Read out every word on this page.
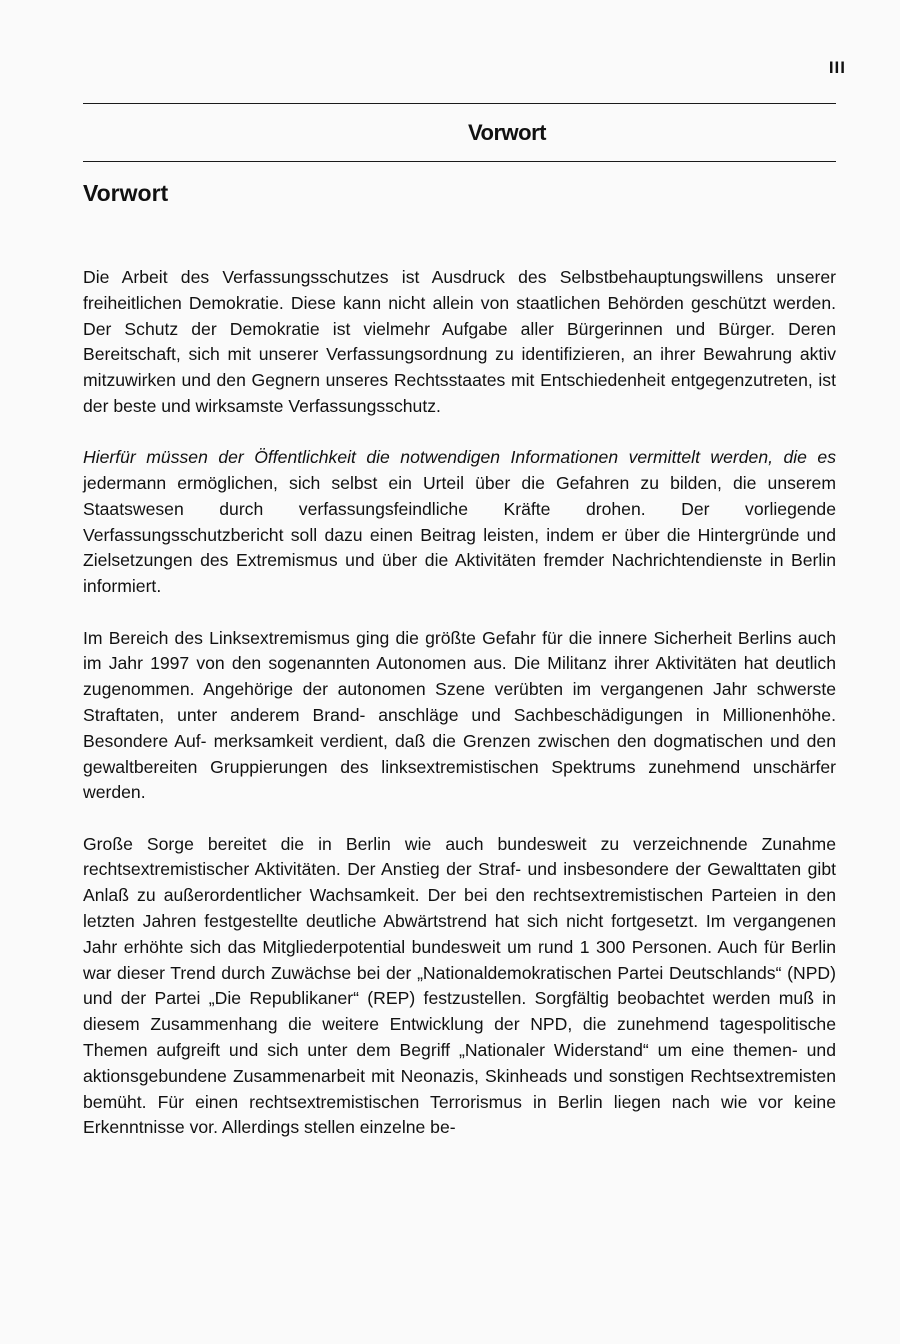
III
Vorwort
Vorwort

Die Arbeit des Verfassungsschutzes ist Ausdruck des Selbstbehauptungswillens unserer freiheitlichen Demokratie. Diese kann nicht allein von staatlichen Behörden geschützt werden. Der Schutz der Demokratie ist vielmehr Aufgabe aller Bürgerinnen und Bürger. Deren Bereitschaft, sich mit unserer Verfassungsordnung zu identifizieren, an ihrer Bewahrung aktiv mitzuwirken und den Gegnern unseres Rechtsstaates mit Entschiedenheit entgegenzutreten, ist der beste und wirksamste Verfassungsschutz.

Hierfür müssen der Öffentlichkeit die notwendigen Informationen vermittelt werden, die es jedermann ermöglichen, sich selbst ein Urteil über die Gefahren zu bilden, die unserem Staatswesen durch verfassungsfeindliche Kräfte drohen. Der vorliegende Verfassungsschutzbericht soll dazu einen Beitrag leisten, indem er über die Hintergründe und Zielsetzungen des Extremismus und über die Aktivitäten fremder Nachrichtendienste in Berlin informiert.

Im Bereich des Linksextremismus ging die größte Gefahr für die innere Sicherheit Berlins auch im Jahr 1997 von den sogenannten Autonomen aus. Die Militanz ihrer Aktivitäten hat deutlich zugenommen. Angehörige der autonomen Szene verübten im vergangenen Jahr schwerste Straftaten, unter anderem Brand- anschläge und Sachbeschädigungen in Millionenhöhe. Besondere Auf- merksamkeit verdient, daß die Grenzen zwischen den dogmatischen und den gewaltbereiten Gruppierungen des linksextremistischen Spektrums zunehmend unschärfer werden.

Große Sorge bereitet die in Berlin wie auch bundesweit zu verzeichnende Zunahme rechtsextremistischer Aktivitäten. Der Anstieg der Straf- und insbesondere der Gewalttaten gibt Anlaß zu außerordentlicher Wachsamkeit. Der bei den rechtsextremistischen Parteien in den letzten Jahren festgestellte deutliche Abwärtstrend hat sich nicht fortgesetzt. Im vergangenen Jahr erhöhte sich das Mitgliederpotential bundesweit um rund 1 300 Personen. Auch für Berlin war dieser Trend durch Zuwächse bei der „Nationaldemokratischen Partei Deutschlands“ (NPD) und der Partei „Die Republikaner“ (REP) festzustellen. Sorgfältig beobachtet werden muß in diesem Zusammenhang die weitere Entwicklung der NPD, die zunehmend tagespolitische Themen aufgreift und sich unter dem Begriff „Nationaler Widerstand“ um eine themen- und aktionsgebundene Zusammenarbeit mit Neonazis, Skinheads und sonstigen Rechtsextremisten bemüht. Für einen rechtsextremistischen Terrorismus in Berlin liegen nach wie vor keine Erkenntnisse vor. Allerdings stellen einzelne be-
